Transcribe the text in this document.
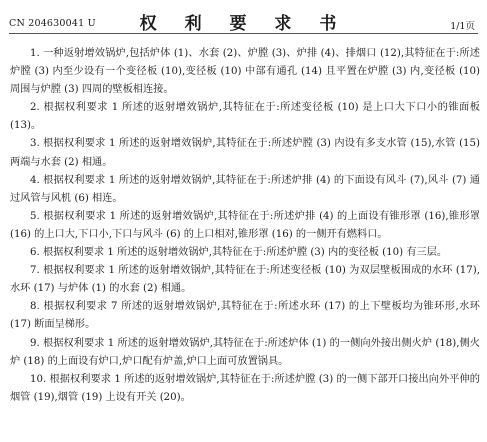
CN 204630041 U	权 利 要 求 书	1/1页

1. 一种返射增效锅炉,包括炉体 (1)、水套 (2)、炉膛 (3)、炉排 (4)、排烟口 (12),其特征在于:所述炉膛 (3) 内至少设有一个变径板 (10),变径板 (10) 中部有通孔 (14) 且平置在炉膛 (3) 内,变径板 (10) 周围与炉膛 (3) 四周的壁板相连接。

2. 根据权利要求 1 所述的返射增效锅炉,其特征在于:所述变径板 (10) 是上口大下口小的锥面板 (13)。

3. 根据权利要求 1 所述的返射增效锅炉,其特征在于:所述炉膛 (3) 内设有多支水管 (15),水管 (15) 两端与水套 (2) 相通。

4. 根据权利要求 1 所述的返射增效锅炉,其特征在于:所述炉排 (4) 的下面设有风斗 (7),风斗 (7) 通过风管与风机 (6) 相连。

5. 根据权利要求 1 所述的返射增效锅炉,其特征在于:所述炉排 (4) 的上面设有锥形罩 (16),锥形罩 (16) 的上口大,下口小,下口与风斗 (6) 的上口相对,锥形罩 (16) 的一侧开有燃料口。

6. 根据权利要求 1 所述的返射增效锅炉,其特征在于:所述炉膛 (3) 内的变径板 (10) 有三层。

7. 根据权利要求 1 所述的返射增效锅炉,其特征在于:所述变径板 (10) 为双层壁板围成的水环 (17),水环 (17) 与炉体 (1) 的水套 (2) 相通。

8. 根据权利要求 7 所述的返射增效锅炉,其特征在于:所述水环 (17) 的上下壁板均为锥环形,水环 (17) 断面呈梯形。

9. 根据权利要求 1 所述的返射增效锅炉,其特征在于:所述炉体 (1) 的一侧向外接出侧火炉 (18),侧火炉 (18) 的上面设有炉口,炉口配有炉盖,炉口上面可放置锅具。

10. 根据权利要求 1 所述的返射增效锅炉,其特征在于:所述炉膛 (3) 的一侧下部开口接出向外平伸的烟管 (19),烟管 (19) 上设有开关 (20)。
